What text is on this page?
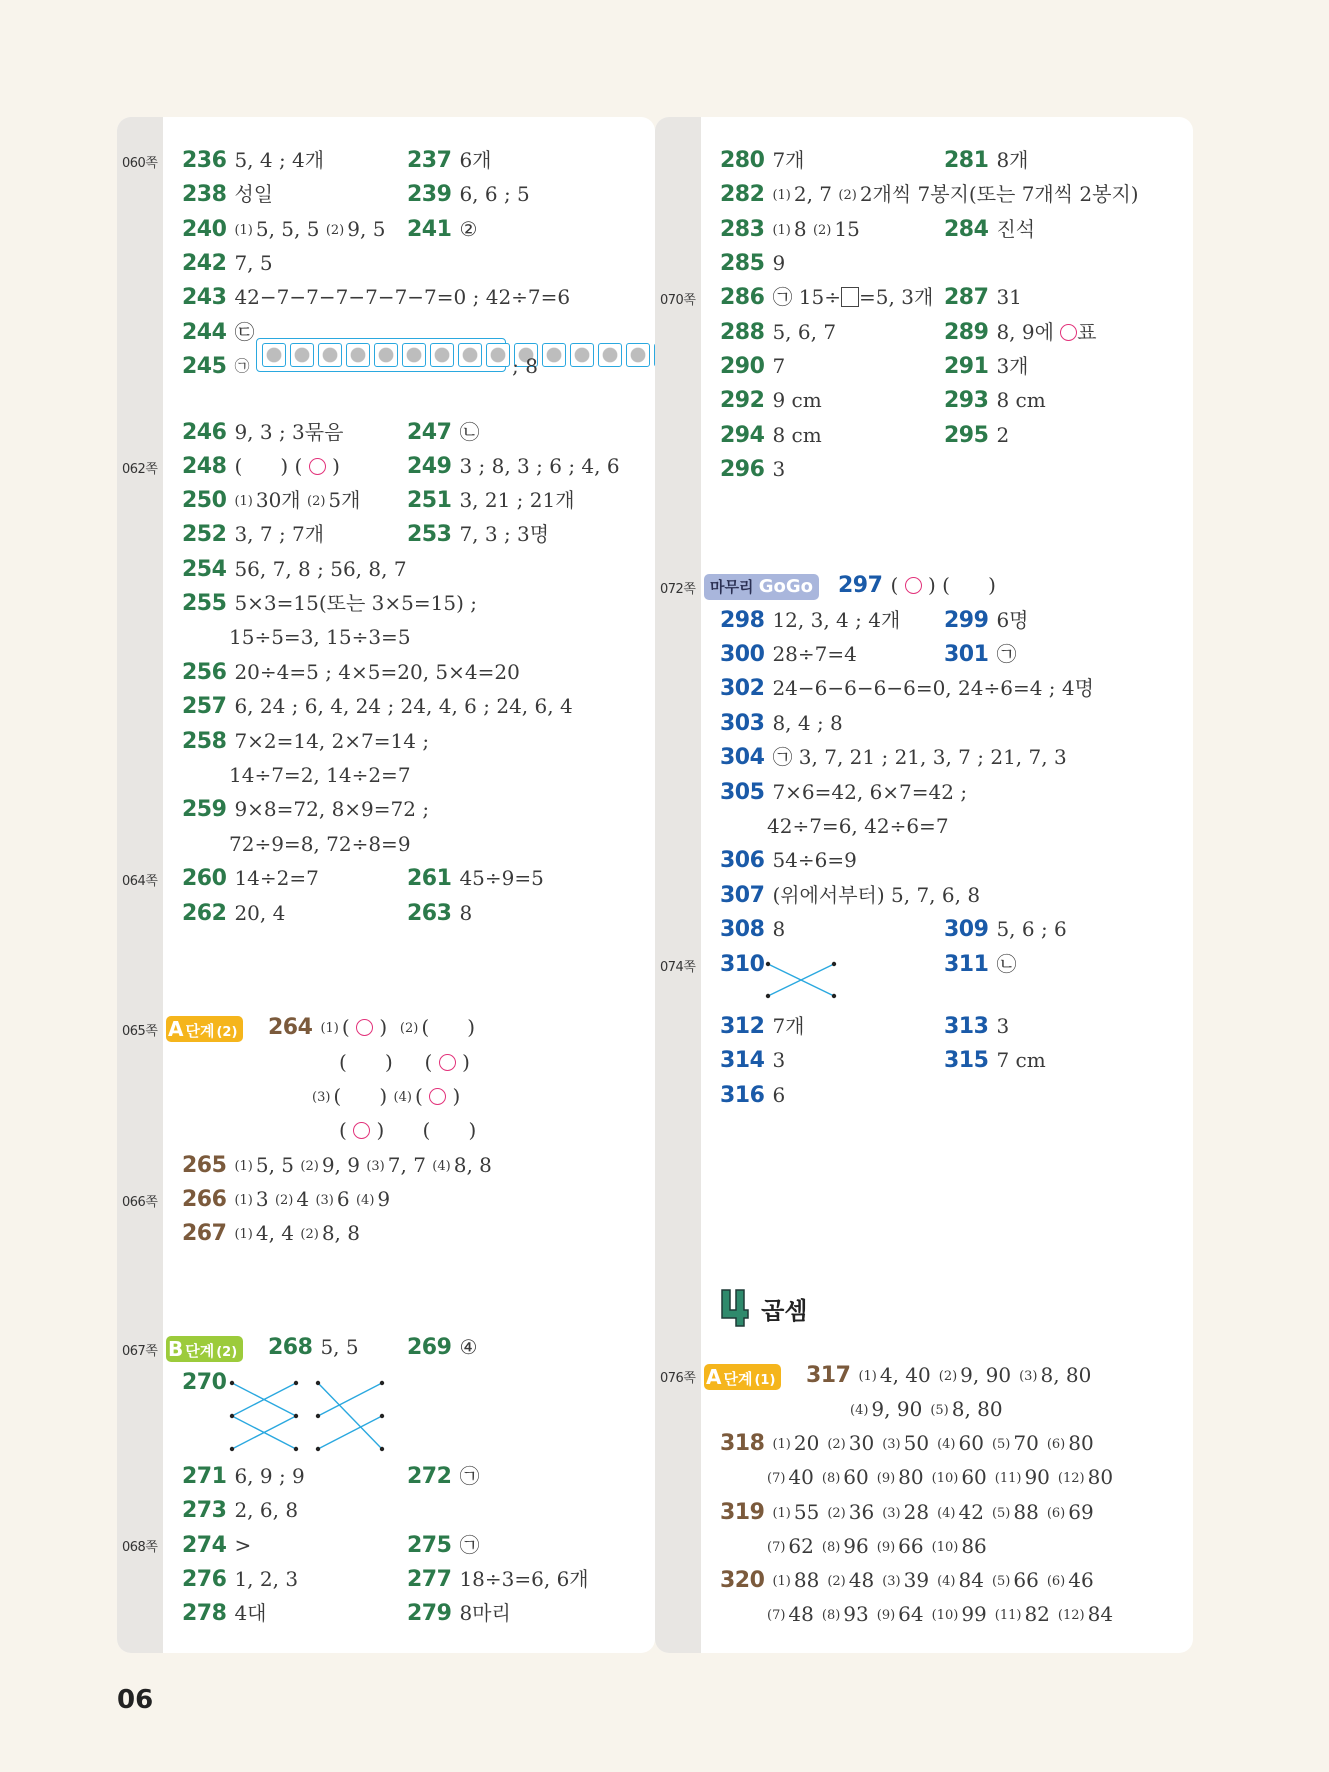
060쪽
062쪽
064쪽
065쪽
066쪽
067쪽
068쪽
236 5, 4 ; 4개	237 6개
238 성일	239 6, 6 ; 5
240 (1) 5, 5, 5 (2) 9, 5 241 ②
242 7, 5
243 42−7−7−7−7−7−7=0 ; 42÷7=6
244 ㉢
245 ㉠	; 8
246 9, 3 ; 3묶음	247 ㉡
248 (      ) ( ○ )	249 3 ; 8, 3 ; 6 ; 4, 6
250 (1) 30개 (2) 5개 251 3, 21 ; 21개
252 3, 7 ; 7개	253 7, 3 ; 3명
254 56, 7, 8 ; 56, 8, 7
255 5×3=15(또는 3×5=15) ;
15÷5=3, 15÷3=5
256 20÷4=5 ; 4×5=20, 5×4=20
257 6, 24 ; 6, 4, 24 ; 24, 4, 6 ; 24, 6, 4
258 7×2=14, 2×7=14 ;
14÷7=2, 14÷2=7
259 9×8=72, 8×9=72 ;
72÷9=8, 72÷8=9
260 14÷2=7	261 45÷9=5
262 20, 4	263 8
A 단계 (2) 264 (1) ( ○ ) (2) (      )
(      ) ( ○ )
(3) (      ) (4) ( ○ )
( ○ ) (      )
265 (1) 5, 5 (2) 9, 9 (3) 7, 7 (4) 8, 8
266 (1) 3 (2) 4 (3) 6 (4) 9
267 (1) 4, 4 (2) 8, 8
B 단계 (2) 268 5, 5 269 ④
270
271 6, 9 ; 9	272 ㉠
273 2, 6, 8
274 >	275 ㉠
276 1, 2, 3	277 18÷3=6, 6개
278 4대	279 8마리
070쪽
072쪽
074쪽
076쪽
280 7개	281 8개
282 (1) 2, 7 (2) 2개씩 7봉지(또는 7개씩 2봉지)
283 (1) 8 (2) 15	284 진석
285 9
286 ㉠ 15÷ =5, 3개 287 31
288 5, 6, 7	289 8, 9에 ○표
290 7	291 3개
292 9 cm	293 8 cm
294 8 cm	295 2
296 3
마무리 GoGo 297 ( ○ ) (      )
298 12, 3, 4 ; 4개 299 6명
300 28÷7=4	301 ㉠
302 24−6−6−6−6=0, 24÷6=4 ; 4명
303 8, 4 ; 8
304 ㉠ 3, 7, 21 ; 21, 3, 7 ; 21, 7, 3
305 7×6=42, 6×7=42 ;
42÷7=6, 42÷6=7
306 54÷6=9
307 (위에서부터) 5, 7, 6, 8
308 8	309 5, 6 ; 6
310	311 ㉡
312 7개	313 3
314 3	315 7 cm
316 6
곱셈
A 단계 (1) 317 (1) 4, 40 (2) 9, 90 (3) 8, 80
(4) 9, 90 (5) 8, 80
318 (1) 20 (2) 30 (3) 50 (4) 60 (5) 70 (6) 80
(7) 40 (8) 60 (9) 80 (10) 60 (11) 90 (12) 80
319 (1) 55 (2) 36 (3) 28 (4) 42 (5) 88 (6) 69
(7) 62 (8) 96 (9) 66 (10) 86
320 (1) 88 (2) 48 (3) 39 (4) 84 (5) 66 (6) 46
(7) 48 (8) 93 (9) 64 (10) 99 (11) 82 (12) 84
06
